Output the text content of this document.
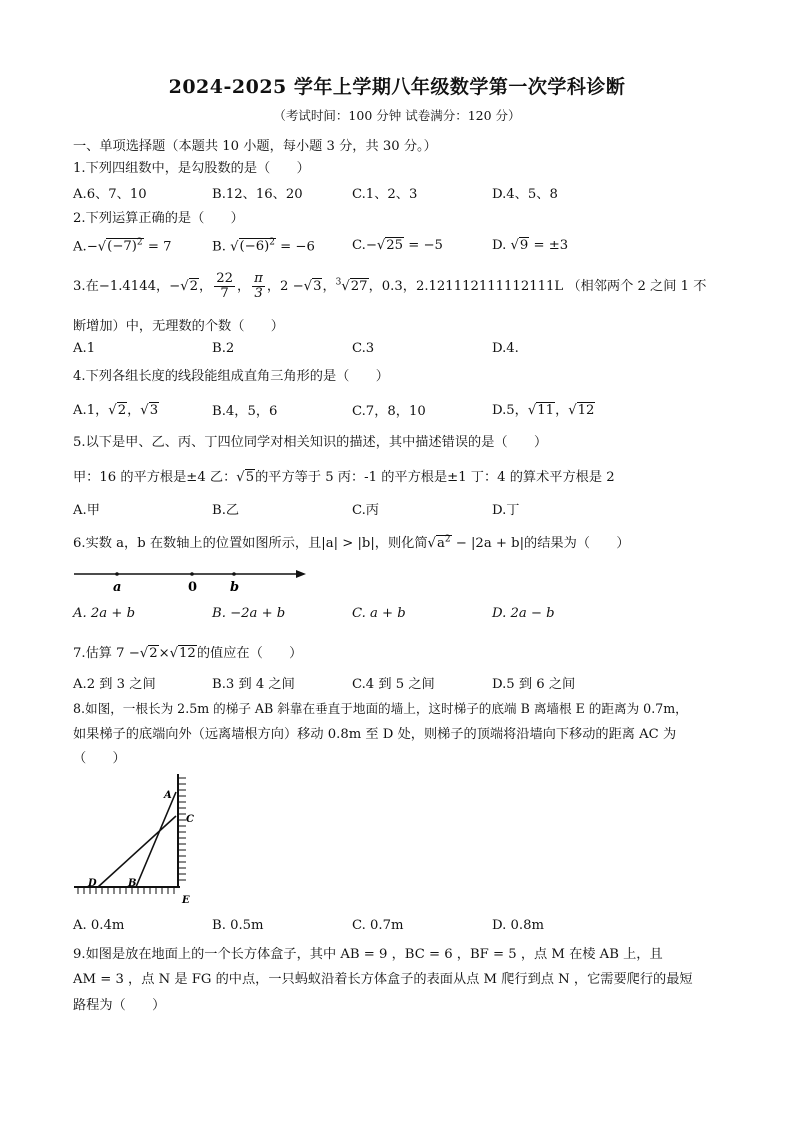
2024-2025 学年上学期八年级数学第一次学科诊断
（考试时间：100 分钟 试卷满分：120 分）
一、单项选择题（本题共 10 小题，每小题 3 分，共 30 分。）
1.下列四组数中，是勾股数的是（　　）
A.6、7、10	B.12、16、20	C.1、2、3	D.4、5、8
2.下列运算正确的是（　　）
$A.-√(-7)^2 = 7$	B. $√(-6)^2 = -6$	C.−√25 = −5	D. √9 = ±3
3.在−1.4144，−√2， $\frac{22}{7}$ ， $\frac{\pi}{3}$ ，2 −√3，$^3$√27，0.3，2.121112111112111L （相邻两个 2 之间 1 不
断增加）中，无理数的个数（　　）
A.1	B.2	C.3	D.4.
4.下列各组长度的线段能组成直角三角形的是（　　）
A.1，√2，√3	B.4，5，6	C.7，8，10	D.5，√11，√12
5.以下是甲、乙、丙、丁四位同学对相关知识的描述，其中描述错误的是（　　）
甲：16 的平方根是±4 乙：√5的平方等于 5 丙：-1 的平方根是±1 丁：4 的算术平方根是 2
A.甲	B.乙	C.丙	D.丁
6.实数 a，b 在数轴上的位置如图所示，且|a| > |b|，则化简$√a^2 - |2a + b|$的结果为（　　）
a	0	b
A. 2a + b	B. −2a + b	C. a + b	D. 2a − b
7.估算 7 −√2×√12的值应在（　　）
A.2 到 3 之间	B.3 到 4 之间	C.4 到 5 之间	D.5 到 6 之间
8.如图，一根长为 2.5m 的梯子 AB 斜靠在垂直于地面的墙上，这时梯子的底端 B 离墙根 E 的距离为 0.7m，
如果梯子的底端向外（远离墙根方向）移动 0.8m 至 D 处，则梯子的顶端将沿墙向下移动的距离 AC 为
（　　）
A
C
D	B
E
A. 0.4m	B. 0.5m	C. 0.7m	D. 0.8m
9.如图是放在地面上的一个长方体盒子，其中 AB = 9 ，BC = 6 ，BF = 5 ，点 M 在棱 AB 上，且
AM = 3 ，点 N 是 FG 的中点，一只蚂蚁沿着长方体盒子的表面从点 M 爬行到点 N ，它需要爬行的最短
路程为（　　）
